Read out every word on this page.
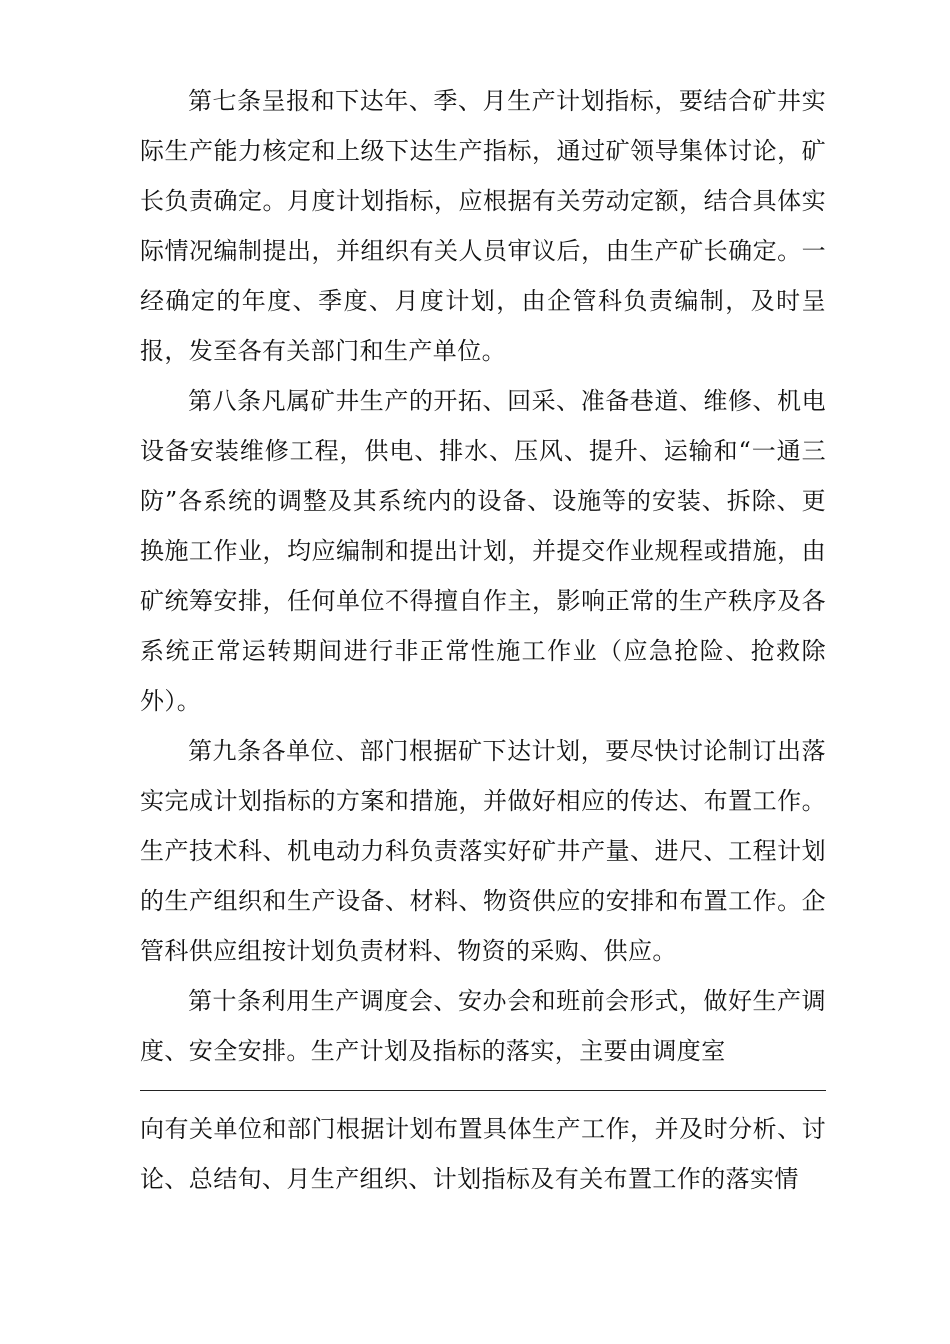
第七条呈报和下达年、季、月生产计划指标，要结合矿井实际生产能力核定和上级下达生产指标，通过矿领导集体讨论，矿长负责确定。月度计划指标，应根据有关劳动定额，结合具体实际情况编制提出，并组织有关人员审议后，由生产矿长确定。一经确定的年度、季度、月度计划，由企管科负责编制，及时呈报，发至各有关部门和生产单位。

第八条凡属矿井生产的开拓、回采、准备巷道、维修、机电设备安装维修工程，供电、排水、压风、提升、运输和“一通三防”各系统的调整及其系统内的设备、设施等的安装、拆除、更换施工作业，均应编制和提出计划，并提交作业规程或措施，由矿统筹安排，任何单位不得擅自作主，影响正常的生产秩序及各系统正常运转期间进行非正常性施工作业（应急抢险、抢救除外）。

第九条各单位、部门根据矿下达计划，要尽快讨论制订出落实完成计划指标的方案和措施，并做好相应的传达、布置工作。生产技术科、机电动力科负责落实好矿井产量、进尺、工程计划的生产组织和生产设备、材料、物资供应的安排和布置工作。企管科供应组按计划负责材料、物资的采购、供应。

第十条利用生产调度会、安办会和班前会形式，做好生产调度、安全安排。生产计划及指标的落实，主要由调度室

向有关单位和部门根据计划布置具体生产工作，并及时分析、讨论、总结旬、月生产组织、计划指标及有关布置工作的落实情
